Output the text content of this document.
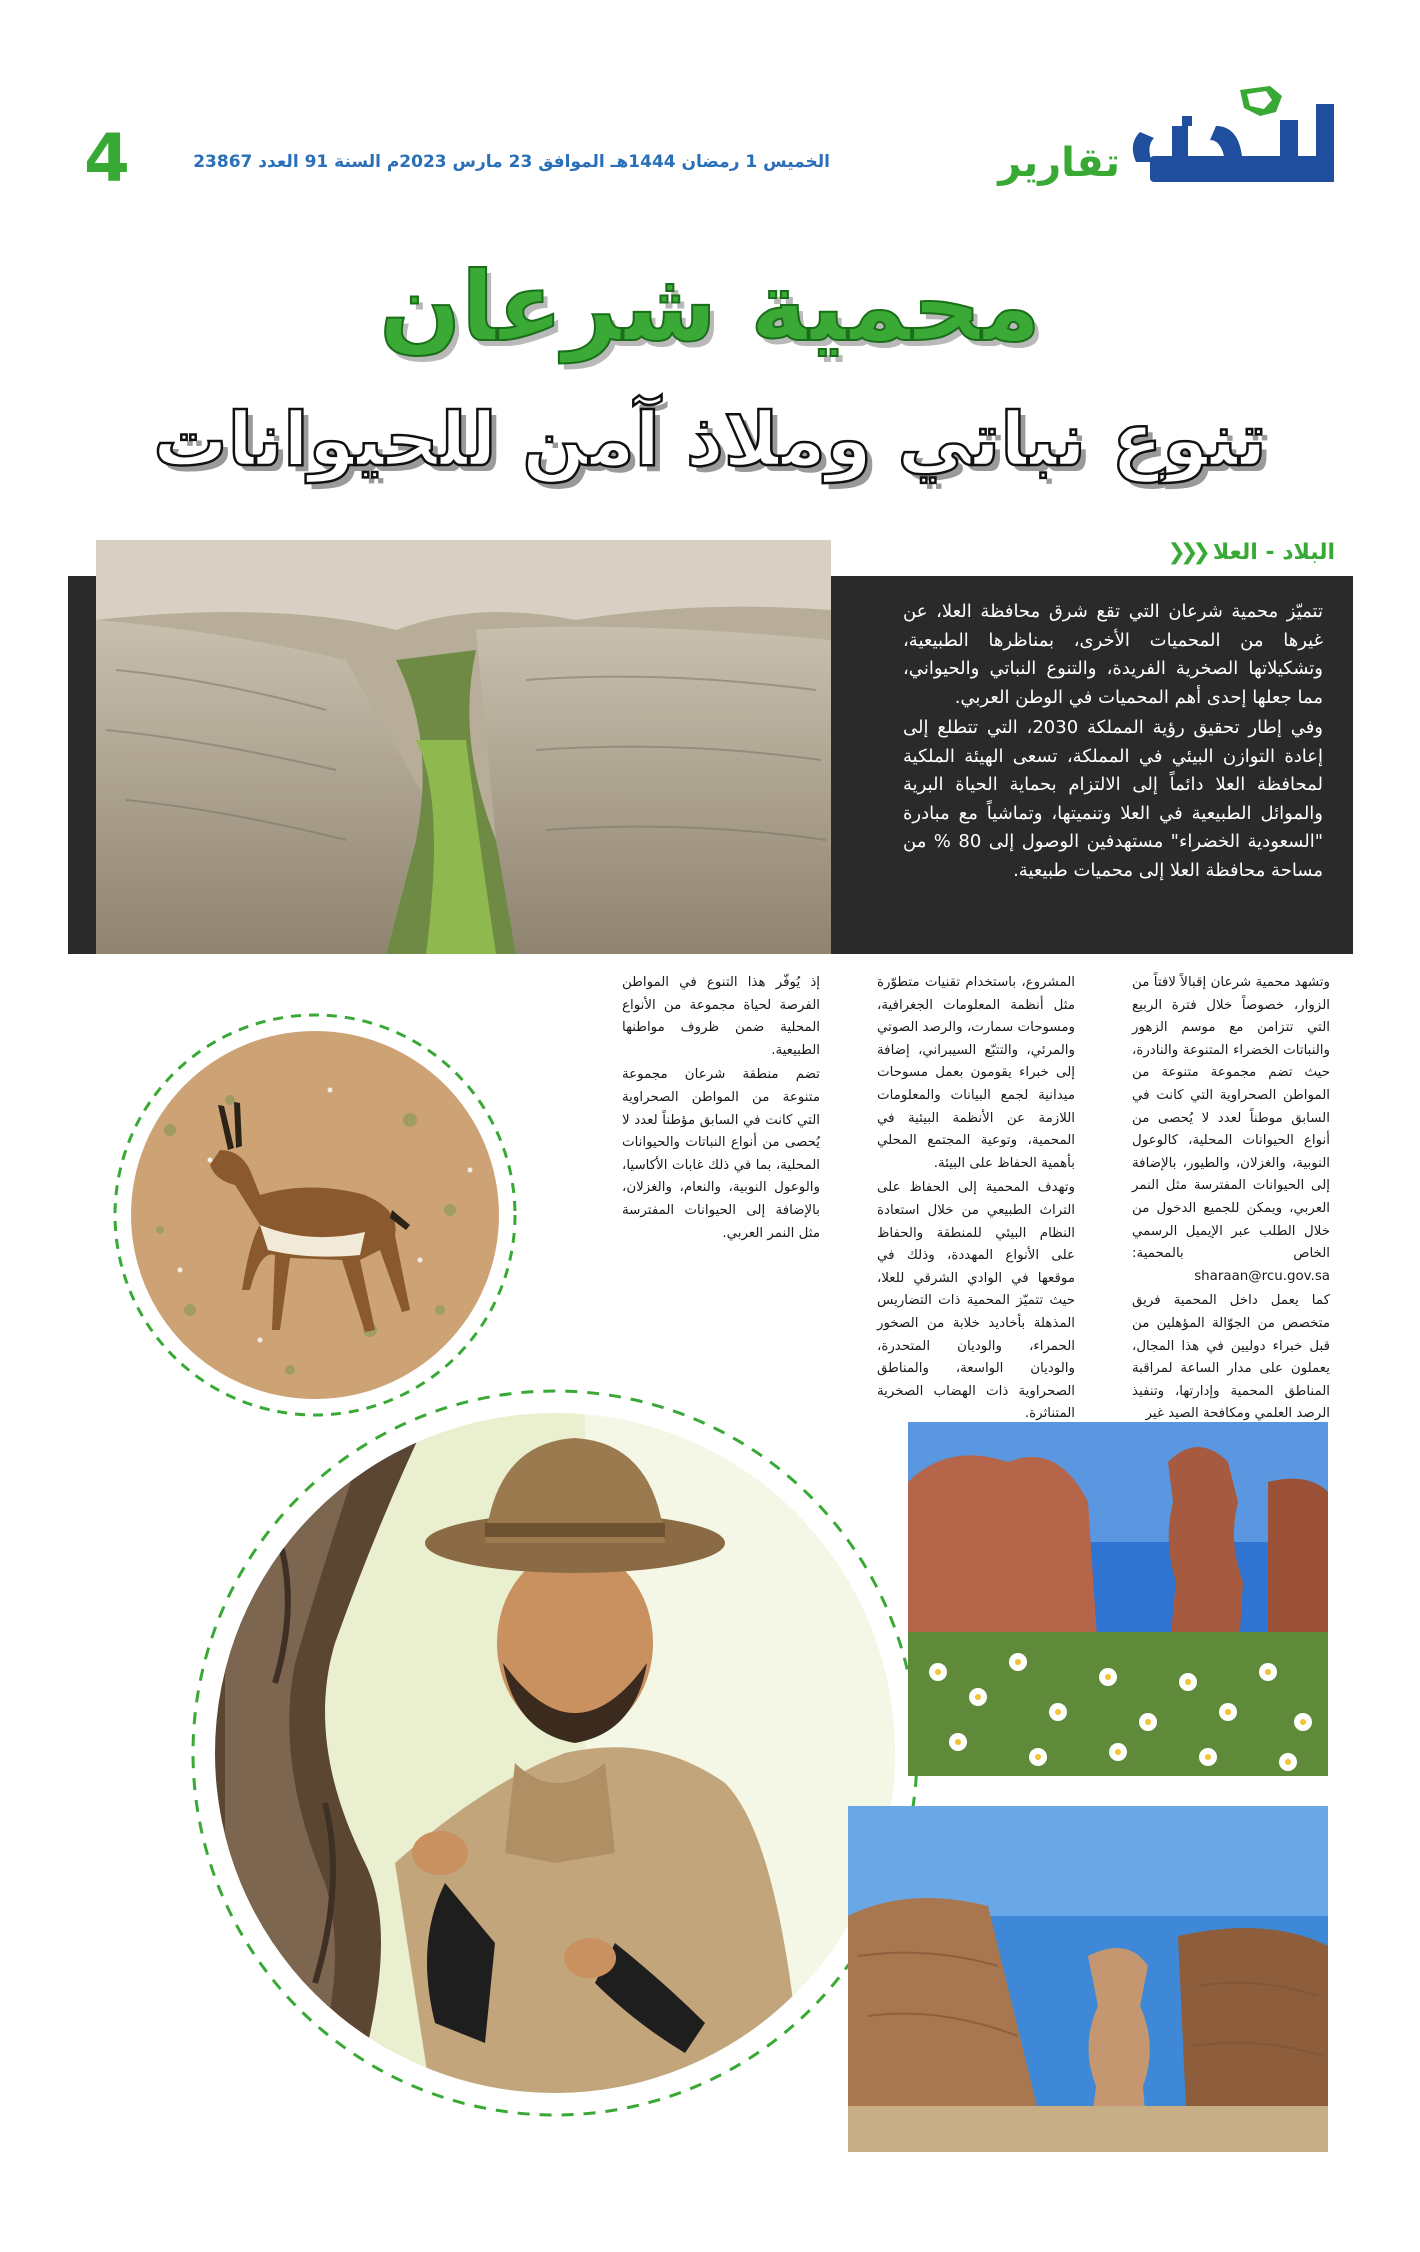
تقارير
الخميس 1 رمضان 1444هـ الموافق 23 مارس 2023م السنة 91 العدد 23867
4
محمية شرعان
تنوع نباتي وملاذ آمن للحيوانات
البلاد - العلا
❮❮❮

تتميّز محمية شرعان التي تقع شرق محافظة العلا، عن غيرها من المحميات الأخرى، بمناظرها الطبيعية، وتشكيلاتها الصخرية الفريدة، والتنوع النباتي والحيواني، مما جعلها إحدى أهم المحميات في الوطن العربي.

وفي إطار تحقيق رؤية المملكة 2030، التي تتطلع إلى إعادة التوازن البيئي في المملكة، تسعى الهيئة الملكية لمحافظة العلا دائماً إلى الالتزام بحماية الحياة البرية والموائل الطبيعية في العلا وتنميتها، وتماشياً مع مبادرة "السعودية الخضراء" مستهدفين الوصول إلى 80 % من مساحة محافظة العلا إلى محميات طبيعية.

وتشهد محمية شرعان إقبالاً لافتاً من الزوار، خصوصاً خلال فترة الربيع التي تتزامن مع موسم الزهور والنباتات الخضراء المتنوعة والنادرة، حيث تضم مجموعة متنوعة من المواطن الصحراوية التي كانت في السابق موطناً لعدد لا يُحصى من أنواع الحيوانات المحلية، كالوعول النوبية، والغزلان، والطيور، بالإضافة إلى الحيوانات المفترسة مثل النمر العربي، ويمكن للجميع الدخول من خلال الطلب عبر الإيميل الرسمي الخاص بالمحمية: sharaan@rcu.gov.sa

كما يعمل داخل المحمية فريق متخصص من الجوّالة المؤهلين من قبل خبراء دوليين في هذا المجال، يعملون على مدار الساعة لمراقبة المناطق المحمية وإدارتها، وتنفيذ الرصد العلمي ومكافحة الصيد غير

المشروع، باستخدام تقنيات متطوّرة مثل أنظمة المعلومات الجغرافية، ومسوحات سمارت، والرصد الصوتي والمرئي، والتتبّع السيبراني، إضافة إلى خبراء يقومون بعمل مسوحات ميدانية لجمع البيانات والمعلومات اللازمة عن الأنظمة البيئية في المحمية، وتوعية المجتمع المحلي بأهمية الحفاظ على البيئة.

وتهدف المحمية إلى الحفاظ على التراث الطبيعي من خلال استعادة النظام البيئي للمنطقة والحفاظ على الأنواع المهددة، وذلك في موقعها في الوادي الشرقي للعلا، حيث تتميّز المحمية ذات التضاريس المذهلة بأخاديد خلابة من الصخور الحمراء، والوديان المتحدرة، والوديان الواسعة، والمناطق الصحراوية ذات الهضاب الصخرية المتناثرة.

إذ يُوفّر هذا التنوع في المواطن الفرصة لحياة مجموعة من الأنواع المحلية ضمن ظروف مواطنها الطبيعية.

تضم منطقة شرعان مجموعة متنوعة من المواطن الصحراوية التي كانت في السابق مؤطناً لعدد لا يُحصى من أنواع النباتات والحيوانات المحلية، بما في ذلك غابات الأكاسيا، والوعول النوبية، والنعام، والغزلان، بالإضافة إلى الحيوانات المفترسة مثل النمر العربي.
